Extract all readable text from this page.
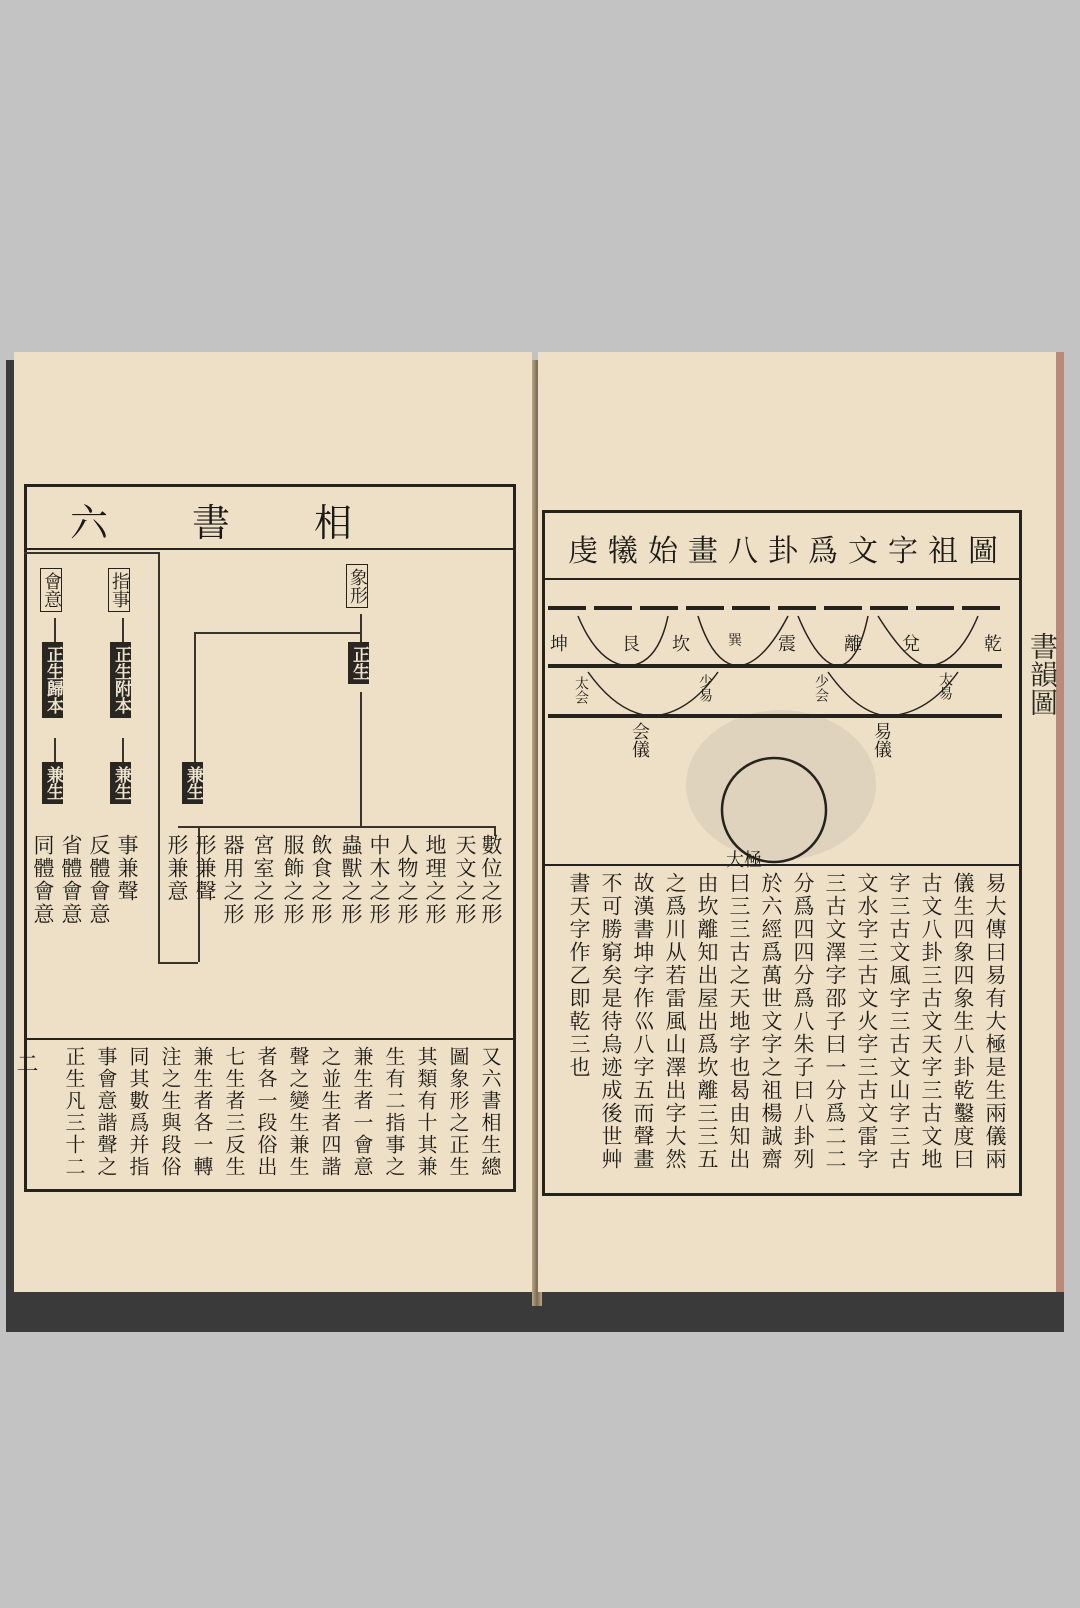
六書相
象形
正生
兼生
指事
正生附本
兼生
會意
正生歸本
兼生
數位之形
天文之形
地理之形
人物之形
中木之形
蟲獸之形
飲食之形
服飾之形
宮室之形
器用之形
形兼聲
形兼意
事兼聲
反體會意
省體會意
同體會意
又六書相生總
圖象形之正生
其類有十其兼
生有二指事之
兼生者一會意
之並生者四諧
聲之變生兼生
者各一段俗出
七生者三反生
兼生者各一轉
注之生與段俗
同其數爲并指
事會意諧聲之
正生凡三十二
二
虔犧始畫八卦爲文字祖圖
乾
兌
離
震
巽
坎
艮
坤
太易
少会
少易
太会
易儀
会儀
大極
易大傳曰易有大極是生兩儀兩
儀生四象四象生八卦乾鑿度曰
古文八卦三古文天字三古文地
字三古文風字三古文山字三古
文水字三古文火字三古文雷字
三古文澤字邵子曰一分爲二二
分爲四四分爲八朱子曰八卦列
於六經爲萬世文字之祖楊誠齋
曰三三古之天地字也曷由知出
由坎離知出屋出爲坎離三三五
之爲川从若雷風山澤出字大然
故漢書坤字作巛八字五而聲畫
不可勝窮矣是待烏迹成後世艸
書天字作乙即乾三也
書韻圖
